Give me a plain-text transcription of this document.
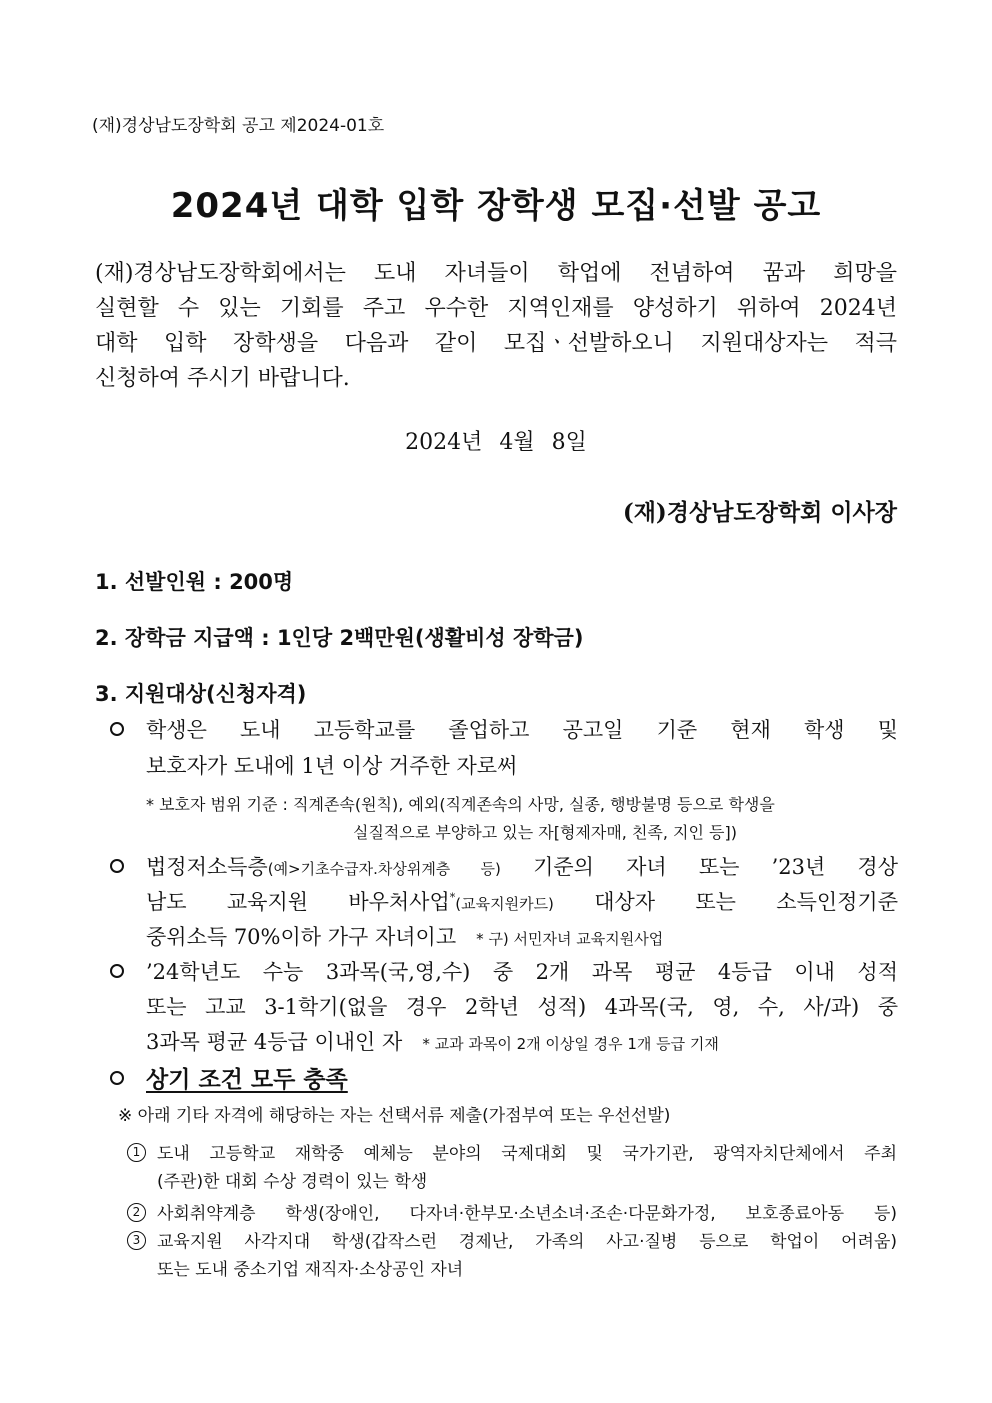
(재)경상남도장학회 공고 제2024-01호
2024년 대학 입학 장학생 모집·선발 공고
(재)경상남도장학회에서는 도내 자녀들이 학업에 전념하여 꿈과 희망을
실현할 수 있는 기회를 주고 우수한 지역인재를 양성하기 위하여 2024년
대학 입학 장학생을 다음과 같이 모집ㆍ선발하오니 지원대상자는 적극
신청하여 주시기 바랍니다.
2024년 4월 8일
(재)경상남도장학회 이사장
1. 선발인원 : 200명
2. 장학금 지급액 : 1인당 2백만원(생활비성 장학금)
3. 지원대상(신청자격)
학생은 도내 고등학교를 졸업하고 공고일 기준 현재 학생 및
보호자가 도내에 1년 이상 거주한 자로써
* 보호자 범위 기준 : 직계존속(원칙), 예외(직계존속의 사망, 실종, 행방불명 등으로 학생을
실질적으로 부양하고 있는 자[형제자매, 친족, 지인 등])
법정저소득층(예>기초수급자.차상위계층 등) 기준의 자녀 또는 ’23년 경상
남도 교육지원 바우처사업*(교육지원카드) 대상자 또는 소득인정기준
중위소득 70%이하 가구 자녀이고 * 구) 서민자녀 교육지원사업
’24학년도 수능 3과목(국,영,수) 중 2개 과목 평균 4등급 이내 성적
또는 고교 3-1학기(없을 경우 2학년 성적) 4과목(국, 영, 수, 사/과) 중
3과목 평균 4등급 이내인 자 * 교과 과목이 2개 이상일 경우 1개 등급 기재
상기 조건 모두 충족
※ 아래 기타 자격에 해당하는 자는 선택서류 제출(가점부여 또는 우선선발)
1 도내 고등학교 재학중 예체능 분야의 국제대회 및 국가기관, 광역자치단체에서 주최
(주관)한 대회 수상 경력이 있는 학생
2 사회취약계층 학생(장애인, 다자녀·한부모·소년소녀·조손·다문화가정, 보호종료아동 등)
3 교육지원 사각지대 학생(갑작스런 경제난, 가족의 사고·질병 등으로 학업이 어려움)
또는 도내 중소기업 재직자·소상공인 자녀
